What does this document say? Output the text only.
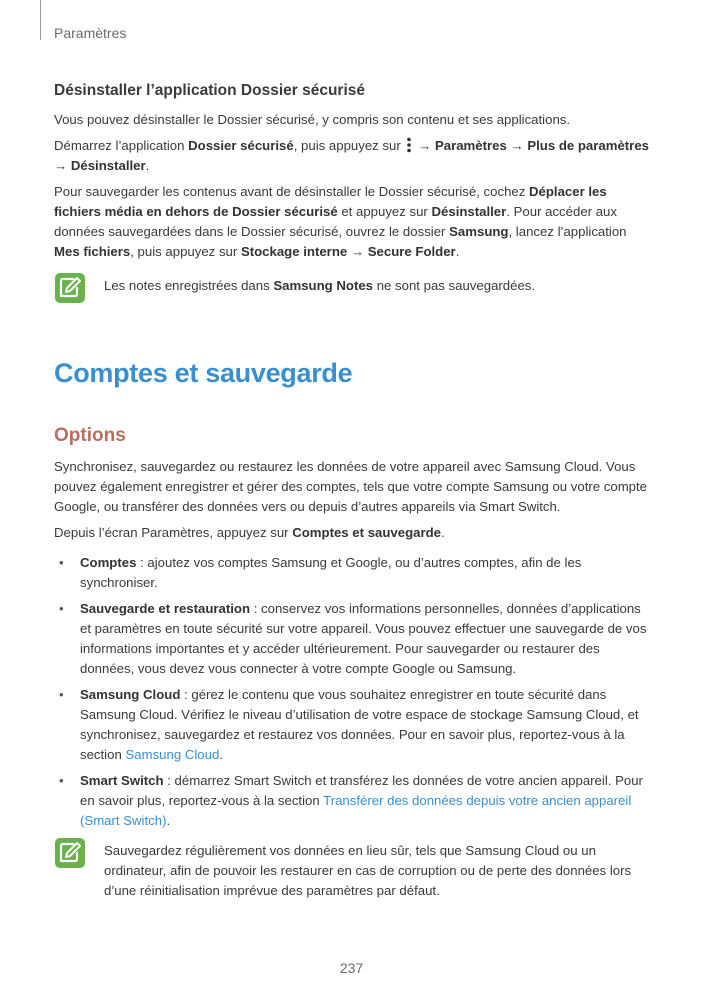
Paramètres
Désinstaller l’application Dossier sécurisé

Vous pouvez désinstaller le Dossier sécurisé, y compris son contenu et ses applications.

Démarrez l’application Dossier sécurisé, puis appuyez sur  → Paramètres → Plus de paramètres
→ Désinstaller.

Pour sauvegarder les contenus avant de désinstaller le Dossier sécurisé, cochez Déplacer les fichiers média en dehors de Dossier sécurisé et appuyez sur Désinstaller. Pour accéder aux données sauvegardées dans le Dossier sécurisé, ouvrez le dossier Samsung, lancez l’application Mes fichiers, puis appuyez sur Stockage interne → Secure Folder.

Les notes enregistrées dans Samsung Notes ne sont pas sauvegardées.

Comptes et sauvegarde
Options

Synchronisez, sauvegardez ou restaurez les données de votre appareil avec Samsung Cloud. Vous pouvez également enregistrer et gérer des comptes, tels que votre compte Samsung ou votre compte Google, ou transférer des données vers ou depuis d’autres appareils via Smart Switch.

Depuis l’écran Paramètres, appuyez sur Comptes et sauvegarde.

• Comptes : ajoutez vos comptes Samsung et Google, ou d’autres comptes, afin de les synchroniser.
• Sauvegarde et restauration : conservez vos informations personnelles, données d’applications et paramètres en toute sécurité sur votre appareil. Vous pouvez effectuer une sauvegarde de vos informations importantes et y accéder ultérieurement. Pour sauvegarder ou restaurer des données, vous devez vous connecter à votre compte Google ou Samsung.
• Samsung Cloud : gérez le contenu que vous souhaitez enregistrer en toute sécurité dans Samsung Cloud. Vérifiez le niveau d’utilisation de votre espace de stockage Samsung Cloud, et synchronisez, sauvegardez et restaurez vos données. Pour en savoir plus, reportez-vous à la section Samsung Cloud.
• Smart Switch : démarrez Smart Switch et transférez les données de votre ancien appareil. Pour en savoir plus, reportez-vous à la section Transférer des données depuis votre ancien appareil (Smart Switch).

Sauvegardez régulièrement vos données en lieu sûr, tels que Samsung Cloud ou un ordinateur, afin de pouvoir les restaurer en cas de corruption ou de perte des données lors d’une réinitialisation imprévue des paramètres par défaut.

237
